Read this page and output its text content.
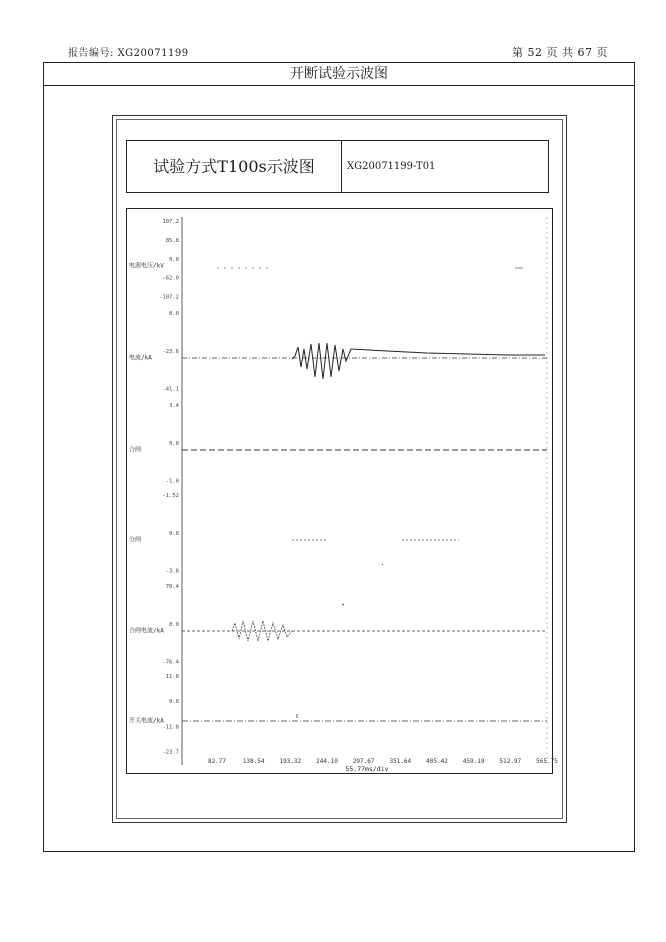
报告编号: XG20071199	第 52 页 共 67 页
开断试验示波图
试验方式T100s示波图	XG20071199-T01
电源电压/kV
107.2
85.8
0.0
-62.0
-107.2
电流/kA
0.0
-23.6
-41.1
合闸
3.4
0.0
-1.0
分闸
-1.52
0.0
-3.8
合闸电流/kA
70.4
0.0
-76.4
开关电流/kA
11.8
0.0
-11.8
-23.7
82.77	138.54 193.32 244.10 297.67 351.64 405.42 459.19 512.97 565.75
55.77ms/div
